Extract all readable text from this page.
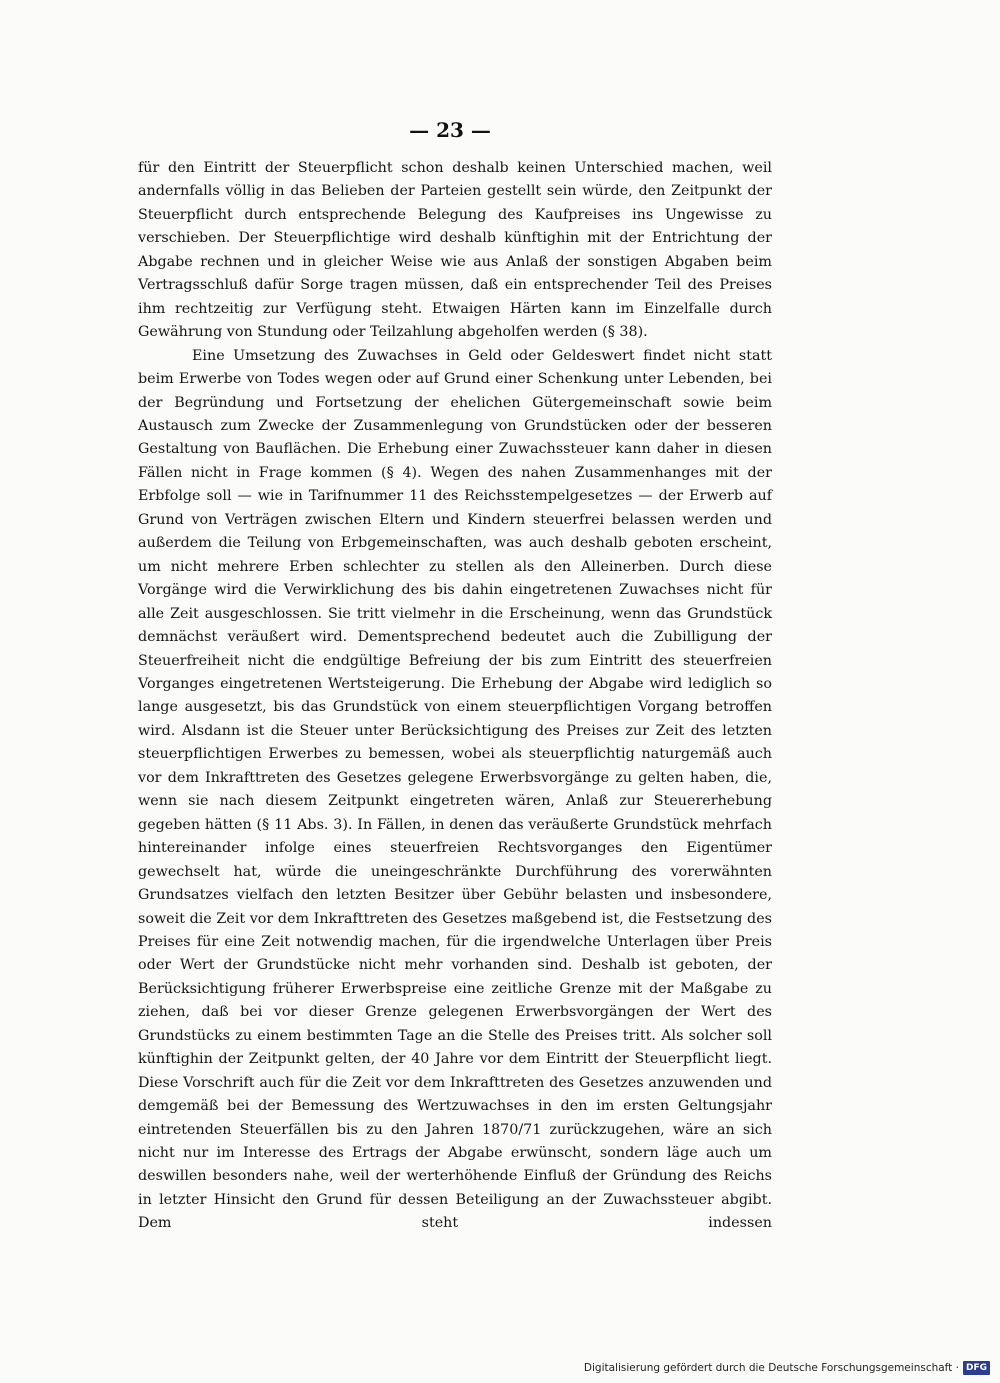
— 23 —

für den Eintritt der Steuerpflicht schon deshalb keinen Unterschied machen, weil andernfalls völlig in das Belieben der Parteien gestellt sein würde, den Zeitpunkt der Steuerpflicht durch entsprechende Belegung des Kaufpreises ins Ungewisse zu verschieben. Der Steuerpflichtige wird deshalb künftighin mit der Entrichtung der Abgabe rechnen und in gleicher Weise wie aus Anlaß der sonstigen Abgaben beim Vertragsschluß dafür Sorge tragen müssen, daß ein entsprechender Teil des Preises ihm rechtzeitig zur Verfügung steht. Etwaigen Härten kann im Einzelfalle durch Gewährung von Stundung oder Teilzahlung abgeholfen werden (§ 38).

Eine Umsetzung des Zuwachses in Geld oder Geldeswert findet nicht statt beim Erwerbe von Todes wegen oder auf Grund einer Schenkung unter Lebenden, bei der Begründung und Fortsetzung der ehelichen Gütergemeinschaft sowie beim Austausch zum Zwecke der Zusammenlegung von Grundstücken oder der besseren Gestaltung von Bauflächen. Die Erhebung einer Zuwachssteuer kann daher in diesen Fällen nicht in Frage kommen (§ 4). Wegen des nahen Zusammenhanges mit der Erbfolge soll — wie in Tarifnummer 11 des Reichsstempelgesetzes — der Erwerb auf Grund von Verträgen zwischen Eltern und Kindern steuerfrei belassen werden und außerdem die Teilung von Erbgemeinschaften, was auch deshalb geboten erscheint, um nicht mehrere Erben schlechter zu stellen als den Alleinerben. Durch diese Vorgänge wird die Verwirklichung des bis dahin eingetretenen Zuwachses nicht für alle Zeit ausgeschlossen. Sie tritt vielmehr in die Erscheinung, wenn das Grundstück demnächst veräußert wird. Dementsprechend bedeutet auch die Zubilligung der Steuerfreiheit nicht die endgültige Befreiung der bis zum Eintritt des steuerfreien Vorganges eingetretenen Wertsteigerung. Die Erhebung der Abgabe wird lediglich so lange ausgesetzt, bis das Grundstück von einem steuerpflichtigen Vorgang betroffen wird. Alsdann ist die Steuer unter Berücksichtigung des Preises zur Zeit des letzten steuerpflichtigen Erwerbes zu bemessen, wobei als steuerpflichtig naturgemäß auch vor dem Inkrafttreten des Gesetzes gelegene Erwerbsvorgänge zu gelten haben, die, wenn sie nach diesem Zeitpunkt eingetreten wären, Anlaß zur Steuererhebung gegeben hätten (§ 11 Abs. 3). In Fällen, in denen das veräußerte Grundstück mehrfach hintereinander infolge eines steuerfreien Rechtsvorganges den Eigentümer gewechselt hat, würde die uneingeschränkte Durchführung des vorerwähnten Grundsatzes vielfach den letzten Besitzer über Gebühr belasten und insbesondere, soweit die Zeit vor dem Inkrafttreten des Gesetzes maßgebend ist, die Festsetzung des Preises für eine Zeit notwendig machen, für die irgendwelche Unterlagen über Preis oder Wert der Grundstücke nicht mehr vorhanden sind. Deshalb ist geboten, der Berücksichtigung früherer Erwerbspreise eine zeitliche Grenze mit der Maßgabe zu ziehen, daß bei vor dieser Grenze gelegenen Erwerbsvorgängen der Wert des Grundstücks zu einem bestimmten Tage an die Stelle des Preises tritt. Als solcher soll künftighin der Zeitpunkt gelten, der 40 Jahre vor dem Eintritt der Steuerpflicht liegt. Diese Vorschrift auch für die Zeit vor dem Inkrafttreten des Gesetzes anzuwenden und demgemäß bei der Bemessung des Wertzuwachses in den im ersten Geltungsjahr eintretenden Steuerfällen bis zu den Jahren 1870/71 zurückzugehen, wäre an sich nicht nur im Interesse des Ertrags der Abgabe erwünscht, sondern läge auch um deswillen besonders nahe, weil der werterhöhende Einfluß der Gründung des Reichs in letzter Hinsicht den Grund für dessen Beteiligung an der Zuwachssteuer abgibt. Dem steht indessen

Digitalisierung gefördert durch die Deutsche Forschungsgemeinschaft · DFG
